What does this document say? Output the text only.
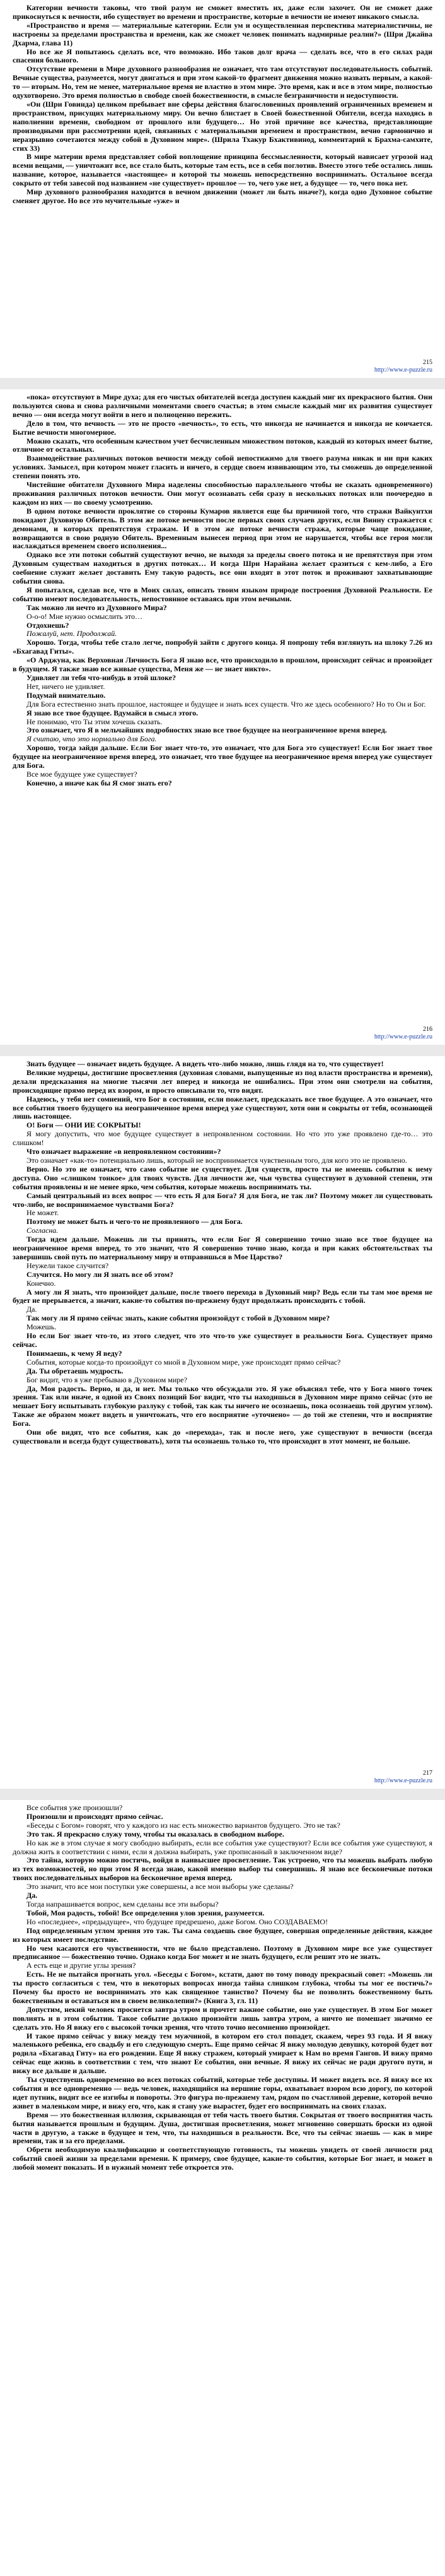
Категории вечности таковы, что твой разум не сможет вместить их, даже если захочет. Он не сможет даже прикоснуться к вечности, ибо существует во времени и пространстве, которые в вечности не имеют никакого смысла.

«Пространство и время — материальные категории. Если ум и осуществленная перспектива материалистичны, не настроены за пределами пространства и времени, как же сможет человек понимать надмирные реалии?» (Шри Джайва Дхарма, глава 11)

Но все же Я попытаюсь сделать все, что возможно. Ибо таков долг врача — сделать все, что в его силах ради спасения больного.

Отсутствие времени в Мире духовного разнообразия не означает, что там отсутствуют последовательность событий. Вечные существа, разумеется, могут двигаться и при этом какой-то фрагмент движения можно назвать первым, а какой-то — вторым. Но, тем не менее, материальное время не властно в этом мире. Это время, как и все в этом мире, полностью одухотворено. Это время полностью в свободе своей божественности, в смысле безграничности и недоступности.

«Он (Шри Говинда) целиком пребывает вне сферы действия благословенных проявлений ограниченных временем и пространством, присущих материальному миру. Он вечно блистает в Своей божественной Обители, всегда находясь в наполнении времени, свободном от прошлого или будущего… Но этой причине все качества, представляющие производными при рассмотрении идей, связанных с материальными временем и пространством, вечно гармонично и неразрывно сочетаются между собой в Духовном мире». (Шрила Тхакур Бхактивинод, комментарий к Брахма-самхите, стих 33)

В мире материи время представляет собой воплощение принципа бессмысленности, который нависает угрозой над всеми вещами, — уничтожит все, все стало быть, которые там есть, все в себя поглотив. Вместо этого тебе остались лишь название, которое, называется «настоящее» и которой ты можешь непосредственно воспринимать. Остальное всегда сокрыто от тебя завесой под названием «не существует» прошлое — то, чего уже нет, а будущее — то, чего пока нет.

Мир духовного разнообразия находится в вечном движении (может ли быть иначе?), когда одно Духовное событие сменяет другое. Но все это мучительные «уже» и

215
http://www.e-puzzle.ru

«пока» отсутствуют в Мире духа; для его чистых обитателей всегда доступен каждый миг их прекрасного бытия. Они пользуются снова и снова различными моментами своего счастья; в этом смысле каждый миг их развития существует вечно — они всегда могут войти в него и полноценно пережить.

Дело в том, что вечность — это не просто «вечность», то есть, что никогда не начинается и никогда не кончается. Бытие вечности многомерное.

Можно сказать, что особенным качеством учет бесчисленным множеством потоков, каждый из которых имеет бытие, отличное от остальных.

Взаимодействие различных потоков вечности между собой непостижимо для твоего разума никак и ни при каких условиях. Замысел, при котором может гласить и ничего, в сердце своем извивающим это, ты сможешь до определенной степени понять это.

Чистейшие обитатели Духовного Мира наделены способностью параллельного чтобы не сказать одновременного) проживания различных потоков вечности. Они могут осознавать себя сразу в нескольких потоках или поочередно в каждом из них — по своему усмотрению.

В одном потоке вечности проклятие со стороны Кумаров является еще бы причиной того, что стражи Вайкунтхи покидают Духовную Обитель. В этом же потоке вечности после первых своих случаев других, если Винну стражается с демонами, и которых препятствуя стражам. И в этом же потоке вечности стража, которые чаще покидание, возвращаются в свою родную Обитель. Временным вынесен период при этом не нарушается, чтобы все героя могли наслаждаться временем своего исполнения...

Однако все эти потоки событий существуют вечно, не выходя за пределы своего потока и не препятствуя при этом Духовным существам находиться в других потоках… И когда Шри Нарайана желает сразиться с кем-либо, а Его соебнение служит желает доставить Ему такую радость, все они входят в этот поток и проживают захватывающие события снова.

Я попытался, сделав все, что в Моих силах, описать твоим языком природе построения Духовной Реальности. Ее событию имеют последовательность, непостоянное оставаясь при этом вечными.

Так можно ли нечто из Духовного Мира?

О-о-о! Мне нужно осмыслить это…

Отдохнешь?

Пожалуй, нет. Продолжай.

Хорошо. Тогда, чтобы тебе стало легче, попробуй зайти с другого конца. Я попрошу тебя взглянуть на шлоку 7.26 из «Бхагавад Гиты».

«О Арджуна, как Верховная Личность Бога Я знаю все, что происходило в прошлом, происходит сейчас и произойдет в будущем. Я также знаю все живые существа, Меня же — не знает никто».

Удивляет ли тебя что-нибудь в этой шлоке?

Нет, ничего не удивляет.

Подумай внимательно.

Для Бога естественно знать прошлое, настоящее и будущее и знать всех существ. Что же здесь особенного? Но то Он и Бог.

Я знаю все твое будущее. Вдумайся в смысл этого.

Не понимаю, что Ты этим хочешь сказать.

Это означает, что Я в мельчайших подробностях знаю все твое будущее на неограниченное время вперед.

Я считаю, что это нормально для Бога.

Хорошо, тогда зайди дальше. Если Бог знает что-то, это означает, что для Бога это существует! Если Бог знает твое будущее на неограниченное время вперед, это означает, что твое будущее на неограниченное время вперед уже существует для Бога.

Все мое будущее уже существует?

Конечно, а иначе как бы Я смог знать его?

216
http://www.e-puzzle.ru

Знать будущее — означает видеть будущее. А видеть что-либо можно, лишь глядя на то, что существует!

Великие мудрецы, достигшие просветления (духовная словами, выпущенные из под власти пространства и времени), делали предсказания на многие тысячи лет вперед и никогда не ошибались. При этом они смотрели на события, происходящие прямо перед их взором, и просто описывали то, что видят.

Надеюсь, у тебя нет сомнений, что Бог в состоянии, если пожелает, предсказать все твое будущее. А это означает, что все события твоего будущего на неограниченное время вперед уже существуют, хотя они и сокрыты от тебя, осознающей лишь настоящее.

О! Боги — ОНИ ИЕ СОКРЫТЫ!

Я могу допустить, что мое будущее существует в непроявленном состоянии. Но что это уже проявлено где-то… это слишком!

Что означает выражение «в непроявленном состоянии»?

Это означает «как-то» потенциально лишь, который не воспринимается чувственным того, для кого это не проявлено.

Верно. Но это не означает, что само событие не существует. Для существ, просто ты не имеешь события к нему доступа. Оно «слишком тонкое» для твоих чувств. Для личности же, чьи чувства существуют в духовной степени, эти события проявлены и не менее ярко, чем события, которые можешь воспринимать ты.

Самый центральный из всех вопрос — что есть Я для Бога? Я для Бога, не так ли? Поэтому может ли существовать что-либо, не воспринимаемое чувствами Бога?

Не может.

Поэтому не может быть и чего-то не проявленного — для Бога.

Согласна.

Тогда идем дальше. Можешь ли ты принять, что если Бог Я совершенно точно знаю все твое будущее на неограниченное время вперед, то это значит, что Я совершенно точно знаю, когда и при каких обстоятельствах ты завершишь свой путь по материальному миру и отправишься в Мое Царство?

Неужели такое случится?

Случится. Но могу ли Я знать все об этом?

Конечно.

А могу ли Я знать, что произойдет дальше, после твоего перехода в Духовный мир? Ведь если ты там мое время не будет не прерывается, а значит, какие-то события по-прежнему будут продолжать происходить с тобой.

Да.

Так могу ли Я прямо сейчас знать, какие события произойдут с тобой в Духовном мире?

Можешь.

Но если Бог знает что-то, из этого следует, что это что-то уже существует в реальности Бога. Существует прямо сейчас.

Понимаешь, к чему Я веду?

События, которые когда-то произойдут со мной в Духовном мире, уже происходят прямо сейчас?

Да. Ты обретаешь мудрость.

Бог видит, что я уже пребываю в Духовном мире?

Да, Моя радость. Верно, и да, и нет. Мы только что обсуждали это. Я уже объяснял тебе, что у Бога много точек зрения. Так или иначе, я одной из Своих позиций Бог видит, что ты находишься в Духовном мире прямо сейчас (это не мешает Богу испытывать глубокую разлуку с тобой, так как ты ничего не осознаешь, пока осознаешь той другим углом). Также же образом может видеть и уничтожать, что его восприятие «уточнено» — до той же степени, что и восприятие Бога.

Они обе видят, что все события, как до «перехода», так и после него, уже существуют в вечности (всегда существовали и всегда будут существовать), хотя ты осознаешь только то, что происходит в этот момент, не больше.

217
http://www.e-puzzle.ru

Все события уже произошли?

Произошли и происходят прямо сейчас.

«Беседы с Богом» говорят, что у каждого из нас есть множество вариантов будущего. Это не так?

Это так. Я прекрасно служу тому, чтобы ты оказалась в свободном выборе.

Но как же в этом случае я могу свободно выбирать, если все события уже существуют? Если все события уже существуют, я должна жить в соответствии с ними, если я должна выбирать, уже прописанный в заключенном виде?

Это тайна, которую можно постичь, войдя в наивысшее просветление. Так устроено, что ты можешь выбрать любую из тех возможностей, но при этом Я всегда знаю, какой именно выбор ты совершишь. Я знаю все бесконечные потоки твоих последовательных выборов на бесконечное время вперед.

Это значит, что все мои поступки уже совершены, а все мои выборы уже сделаны?

Да.

Тогда напрашивается вопрос, кем сделаны все эти выборы?

Тобой, Моя радость, тобой! Все определения улов зрения, разумеется.

Но «последнее», «предыдущее», что будущее предрешено, даже Богом. Оно СОЗДАВАЕМО!

Под определенным углом зрения это так. Ты сама создаешь свое будущее, совершая определенные действия, каждое из которых имеет последствие.

Но чем касаются его чувственности, что не было представлено. Поэтому в Духовном мире все уже существует предписанное — божественно точно. Однако когда Бог может и не знать будущего, если решит это не знать.

А есть еще и другие углы зрения?

Есть. Не не пытайся прогнать угол. «Беседы с Богом», кстати, дают по тому поводу прекрасный совет: «Можешь ли ты просто согласиться с тем, что в некоторых вопросах иногда тайна слишком глубока, чтобы ты мог ее постичь?» Почему бы просто не воспринимать это как священное таинство? Почему бы не позволить божественному быть божественным и оставаться им в своем великолепии?» (Книга 3, гл. 11)

Допустим, некий человек проснется завтра утром и прочтет важное событие, оно уже существует. В этом Бог может повлиять и в этом событии. Такое событие должно произойти лишь завтра утром, а ничто не помешает значимо ее сделать это. Но Я вижу его с высокой точки зрения, что чтото точно несомненно произойдет.

И такое прямо сейчас у вижу между тем мужчиной, в котором его стол попадет, скажем, через 93 года. И Я вижу маленького ребенка, его свадьбу и его следующую смерть. Еще прямо сейчас Я вижу молодую девушку, которой будет вот родила «Бхагавад Гиту» на его рождении. Еще Я вижу стражем, который умирает к Нам во время Гангов. И вижу прямо сейчас еще жизнь в соответствии с тем, что знают Ее события, они вечные. Я вижу их сейчас не ради другого пути, и вижу все дальше и дальше.

Ты существуешь одновременно во всех потоках событий, которые тебе доступны. И может видеть все. Я вижу все их события и все одновременно — ведь человек, находящийся на вершине горы, охватывает взором всю дорогу, по которой идет путник, видит все ее изгибы и повороты. Это фигура по-прежнему там, рядом по счастливой деревне, которой вечно живет в маленьком мире, и вижу его, что, как я стану уже вырастет, будет его воспринимать на своих глазах.

Время — это божественная иллюзия, скрывающая от тебя часть твоего бытия. Сокрытая от твоего восприятия часть бытия называется прошлым и будущим. Душа, достигшая просветления, может мгновенно совершать броски из одной части в другую, а также в будущее и тем, что, ты находишься в реальности. Все, что ты сейчас знаешь — как в мире времени, так и за его пределами.

Обрети необходимую квалификацию и соответствующую готовность, ты можешь увидеть от своей личности ряд событий своей жизни за пределами времени. К примеру, свое будущее, какие-то события, которые Бог знает, и может в любой момент показать. И в нужный момент тебе откроется это.
